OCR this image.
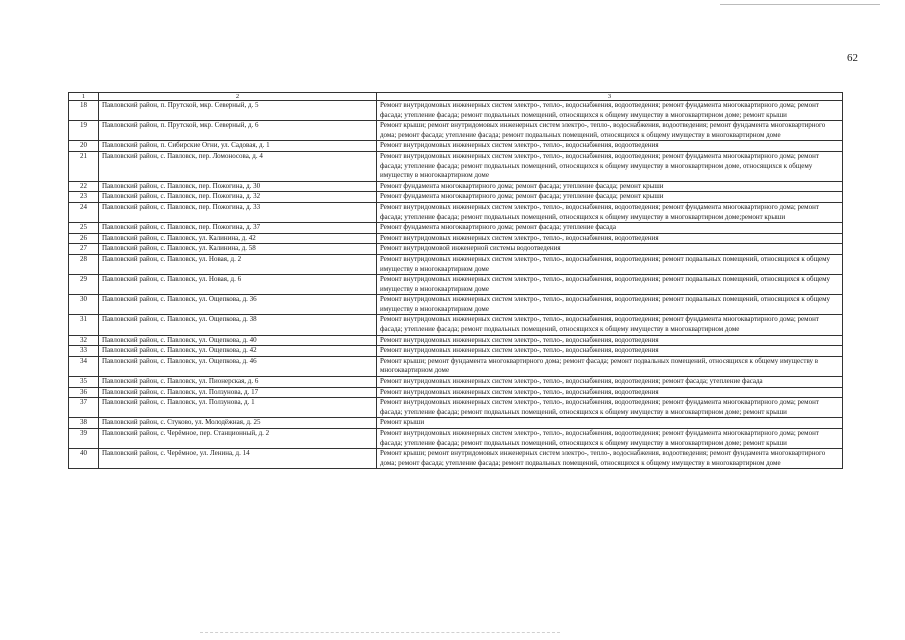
62
1	2	3
18	Павловский район, п. Прутской, мкр. Северный, д. 5	Ремонт внутридомовых инженерных систем электро-, тепло-, водоснабжения, водоотведения; ремонт фундамента многоквартирного дома; ремонт фасада; утепление фасада; ремонт подвальных помещений, относящихся к общему имуществу в многоквартирном доме; ремонт крыши
19	Павловский район, п. Прутской, мкр. Северный, д. 6	Ремонт крыши; ремонт внутридомовых инженерных систем электро-, тепло-, водоснабжения, водоотведения; ремонт фундамента многоквартирного дома; ремонт фасада; утепление фасада; ремонт подвальных помещений, относящихся к общему имуществу в многоквартирном доме
20	Павловский район, п. Сибирские Огни, ул. Садовая, д. 1	Ремонт внутридомовых инженерных систем электро-, тепло-, водоснабжения, водоотведения
21	Павловский район, с. Павловск, пер. Ломоносова, д. 4	Ремонт внутридомовых инженерных систем электро-, тепло-, водоснабжения, водоотведения; ремонт фундамента многоквартирного дома; ремонт фасада; утепление фасада; ремонт подвальных помещений, относящихся к общему имуществу в многоквартирном доме, относящихся к общему имуществу в многоквартирном доме
22	Павловский район, с. Павловск, пер. Пожогина, д. 30	Ремонт фундамента многоквартирного дома; ремонт фасада; утепление фасада; ремонт крыши
23	Павловский район, с. Павловск, пер. Пожогина, д. 32	Ремонт фундамента многоквартирного дома; ремонт фасада; утепление фасада; ремонт крыши
24	Павловский район, с. Павловск, пер. Пожогина, д. 33	Ремонт внутридомовых инженерных систем электро-, тепло-, водоснабжения, водоотведения; ремонт фундамента многоквартирного дома; ремонт фасада; утепление фасада; ремонт подвальных помещений, относящихся к общему имуществу в многоквартирном доме;ремонт крыши
25	Павловский район, с. Павловск, пер. Пожогина, д. 37	Ремонт фундамента многоквартирного дома; ремонт фасада; утепление фасада
26	Павловский район, с. Павловск, ул. Калинина, д. 42	Ремонт внутридомовых инженерных систем электро-, тепло-, водоснабжения, водоотведения
27	Павловский район, с. Павловск, ул. Калинина, д. 58	Ремонт внутридомовой инженерной системы водоотведения
28	Павловский район, с. Павловск, ул. Новая, д. 2	Ремонт внутридомовых инженерных систем электро-, тепло-, водоснабжения, водоотведения; ремонт подвальных помещений, относящихся к общему имуществу в многоквартирном доме
29	Павловский район, с. Павловск, ул. Новая, д. 6	Ремонт внутридомовых инженерных систем электро-, тепло-, водоснабжения, водоотведения; ремонт подвальных помещений, относящихся к общему имуществу в многоквартирном доме
30	Павловский район, с. Павловск, ул. Ощепкова, д. 36	Ремонт внутридомовых инженерных систем электро-, тепло-, водоснабжения, водоотведения; ремонт подвальных помещений, относящихся к общему имуществу в многоквартирном доме
31	Павловский район, с. Павловск, ул. Ощепкова, д. 38	Ремонт внутридомовых инженерных систем электро-, тепло-, водоснабжения, водоотведения; ремонт фундамента многоквартирного дома; ремонт фасада; утепление фасада; ремонт подвальных помещений, относящихся к общему имуществу в многоквартирном доме
32	Павловский район, с. Павловск, ул. Ощепкова, д. 40	Ремонт внутридомовых инженерных систем электро-, тепло-, водоснабжения, водоотведения
33	Павловский район, с. Павловск, ул. Ощепкова, д. 42	Ремонт внутридомовых инженерных систем электро-, тепло-, водоснабжения, водоотведения
34	Павловский район, с. Павловск, ул. Ощепкова, д. 46	Ремонт крыши; ремонт фундамента многоквартирного дома; ремонт фасада; ремонт подвальных помещений, относящихся к общему имуществу в многоквартирном доме
35	Павловский район, с. Павловск, ул. Пионерская, д. 6	Ремонт внутридомовых инженерных систем электро-, тепло-, водоснабжения, водоотведения; ремонт фасада; утепление фасада
36	Павловский район, с. Павловск, ул. Ползунова, д. 17	Ремонт внутридомовых инженерных систем электро-, тепло-, водоснабжения, водоотведения
37	Павловский район, с. Павловск, ул. Ползунова, д. 1	Ремонт внутридомовых инженерных систем электро-, тепло-, водоснабжения, водоотведения; ремонт фундамента многоквартирного дома; ремонт фасада; утепление фасада; ремонт подвальных помещений, относящихся к общему имуществу в многоквартирном доме; ремонт крыши
38	Павловский район, с. Стуково, ул. Молодёжная, д. 25	Ремонт крыши
39	Павловский район, с. Черёмное, пер. Станционный, д. 2	Ремонт внутридомовых инженерных систем электро-, тепло-, водоснабжения, водоотведения; ремонт фундамента многоквартирного дома; ремонт фасада; утепление фасада; ремонт подвальных помещений, относящихся к общему имуществу в многоквартирном доме; ремонт крыши
40	Павловский район, с. Черёмное, ул. Ленина, д. 14	Ремонт крыши; ремонт внутридомовых инженерных систем электро-, тепло-, водоснабжения, водоотведения; ремонт фундамента многоквартирного дома; ремонт фасада; утепление фасада; ремонт подвальных помещений, относящихся к общему имуществу в многоквартирном доме
